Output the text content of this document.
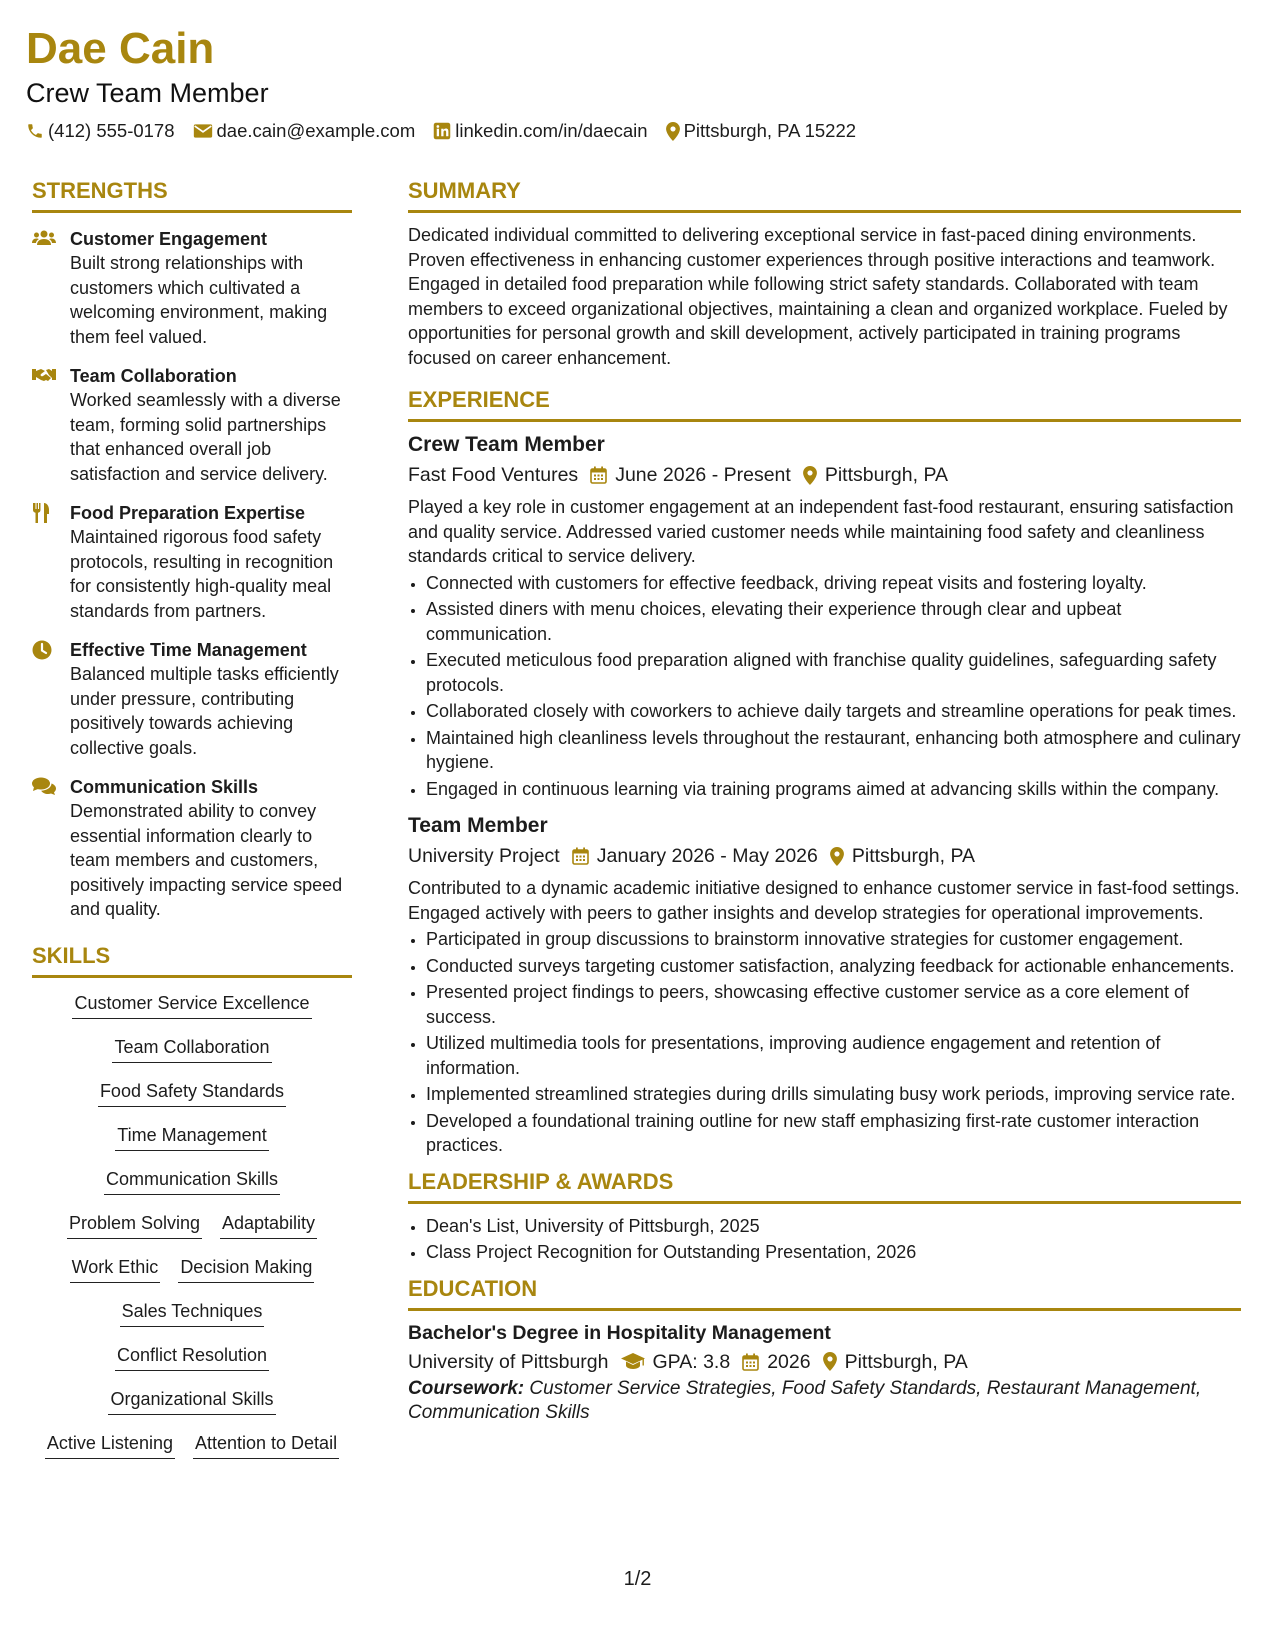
Dae Cain
Crew Team Member
(412) 555-0178 dae.cain@example.com linkedin.com/in/daecain Pittsburgh, PA 15222
STRENGTHS
Customer Engagement
Built strong relationships with customers which cultivated a welcoming environment, making them feel valued.
Team Collaboration
Worked seamlessly with a diverse team, forming solid partnerships that enhanced overall job satisfaction and service delivery.
Food Preparation Expertise
Maintained rigorous food safety protocols, resulting in recognition for consistently high-quality meal standards from partners.
Effective Time Management
Balanced multiple tasks efficiently under pressure, contributing positively towards achieving collective goals.
Communication Skills
Demonstrated ability to convey essential information clearly to team members and customers, positively impacting service speed and quality.
SKILLS
Customer Service Excellence
Team Collaboration
Food Safety Standards
Time Management
Communication Skills
Problem Solving Adaptability
Work Ethic Decision Making
Sales Techniques
Conflict Resolution
Organizational Skills
Active Listening Attention to Detail
SUMMARY
Dedicated individual committed to delivering exceptional service in fast-paced dining environments. Proven effectiveness in enhancing customer experiences through positive interactions and teamwork. Engaged in detailed food preparation while following strict safety standards. Collaborated with team members to exceed organizational objectives, maintaining a clean and organized workplace. Fueled by opportunities for personal growth and skill development, actively participated in training programs focused on career enhancement.
EXPERIENCE
Crew Team Member
Fast Food Ventures June 2026 - Present Pittsburgh, PA
Played a key role in customer engagement at an independent fast-food restaurant, ensuring satisfaction and quality service. Addressed varied customer needs while maintaining food safety and cleanliness standards critical to service delivery.
• Connected with customers for effective feedback, driving repeat visits and fostering loyalty.
• Assisted diners with menu choices, elevating their experience through clear and upbeat communication.
• Executed meticulous food preparation aligned with franchise quality guidelines, safeguarding safety protocols.
• Collaborated closely with coworkers to achieve daily targets and streamline operations for peak times.
• Maintained high cleanliness levels throughout the restaurant, enhancing both atmosphere and culinary hygiene.
• Engaged in continuous learning via training programs aimed at advancing skills within the company.
Team Member
University Project January 2026 - May 2026 Pittsburgh, PA
Contributed to a dynamic academic initiative designed to enhance customer service in fast-food settings. Engaged actively with peers to gather insights and develop strategies for operational improvements.
• Participated in group discussions to brainstorm innovative strategies for customer engagement.
• Conducted surveys targeting customer satisfaction, analyzing feedback for actionable enhancements.
• Presented project findings to peers, showcasing effective customer service as a core element of success.
• Utilized multimedia tools for presentations, improving audience engagement and retention of information.
• Implemented streamlined strategies during drills simulating busy work periods, improving service rate.
• Developed a foundational training outline for new staff emphasizing first-rate customer interaction practices.
LEADERSHIP & AWARDS
• Dean's List, University of Pittsburgh, 2025
• Class Project Recognition for Outstanding Presentation, 2026
EDUCATION
Bachelor's Degree in Hospitality Management
University of Pittsburgh GPA: 3.8 2026 Pittsburgh, PA
Coursework: Customer Service Strategies, Food Safety Standards, Restaurant Management, Communication Skills
1/2
